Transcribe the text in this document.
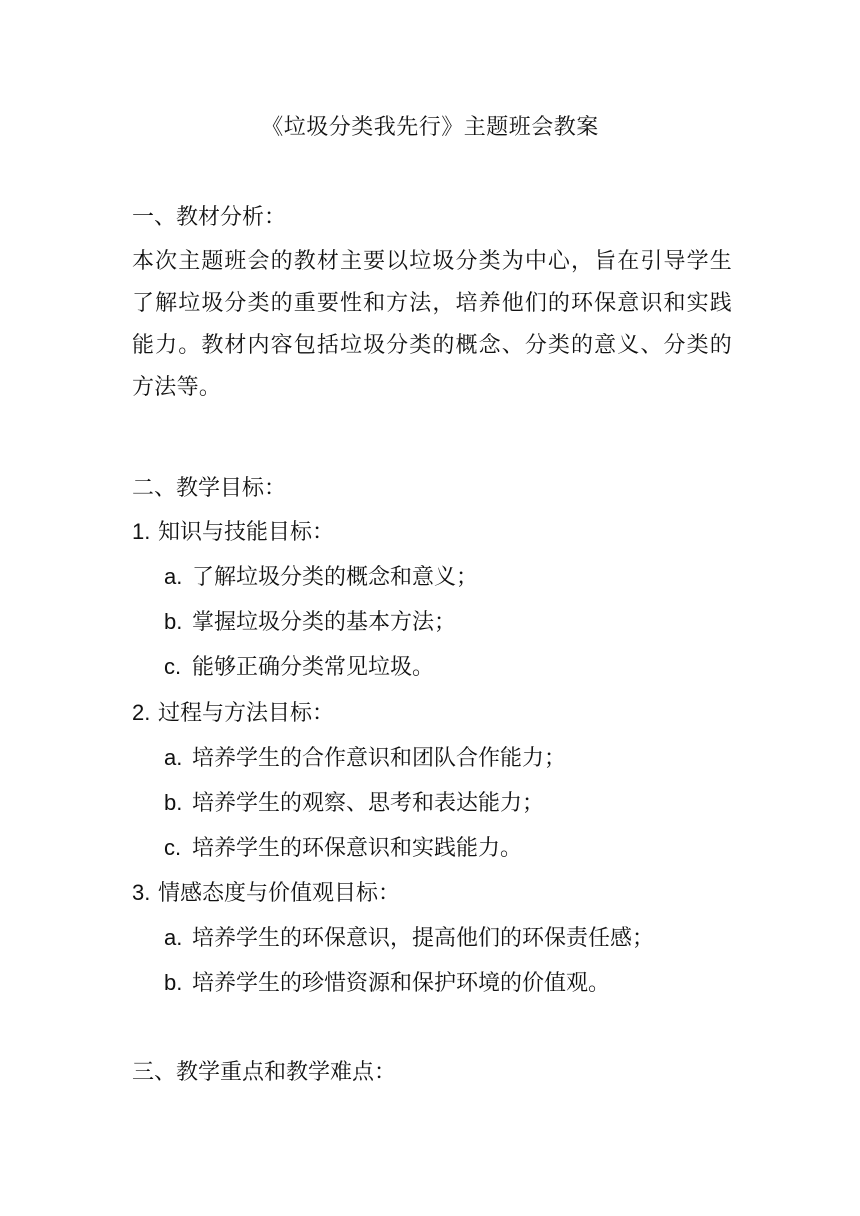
《垃圾分类我先行》主题班会教案
一、教材分析：
本次主题班会的教材主要以垃圾分类为中心，旨在引导学生了解垃圾分类的重要性和方法，培养他们的环保意识和实践能力。教材内容包括垃圾分类的概念、分类的意义、分类的方法等。
二、教学目标：
1. 知识与技能目标：
a. 了解垃圾分类的概念和意义；
b. 掌握垃圾分类的基本方法；
c. 能够正确分类常见垃圾。
2. 过程与方法目标：
a. 培养学生的合作意识和团队合作能力；
b. 培养学生的观察、思考和表达能力；
c. 培养学生的环保意识和实践能力。
3. 情感态度与价值观目标：
a. 培养学生的环保意识，提高他们的环保责任感；
b. 培养学生的珍惜资源和保护环境的价值观。
三、教学重点和教学难点：
